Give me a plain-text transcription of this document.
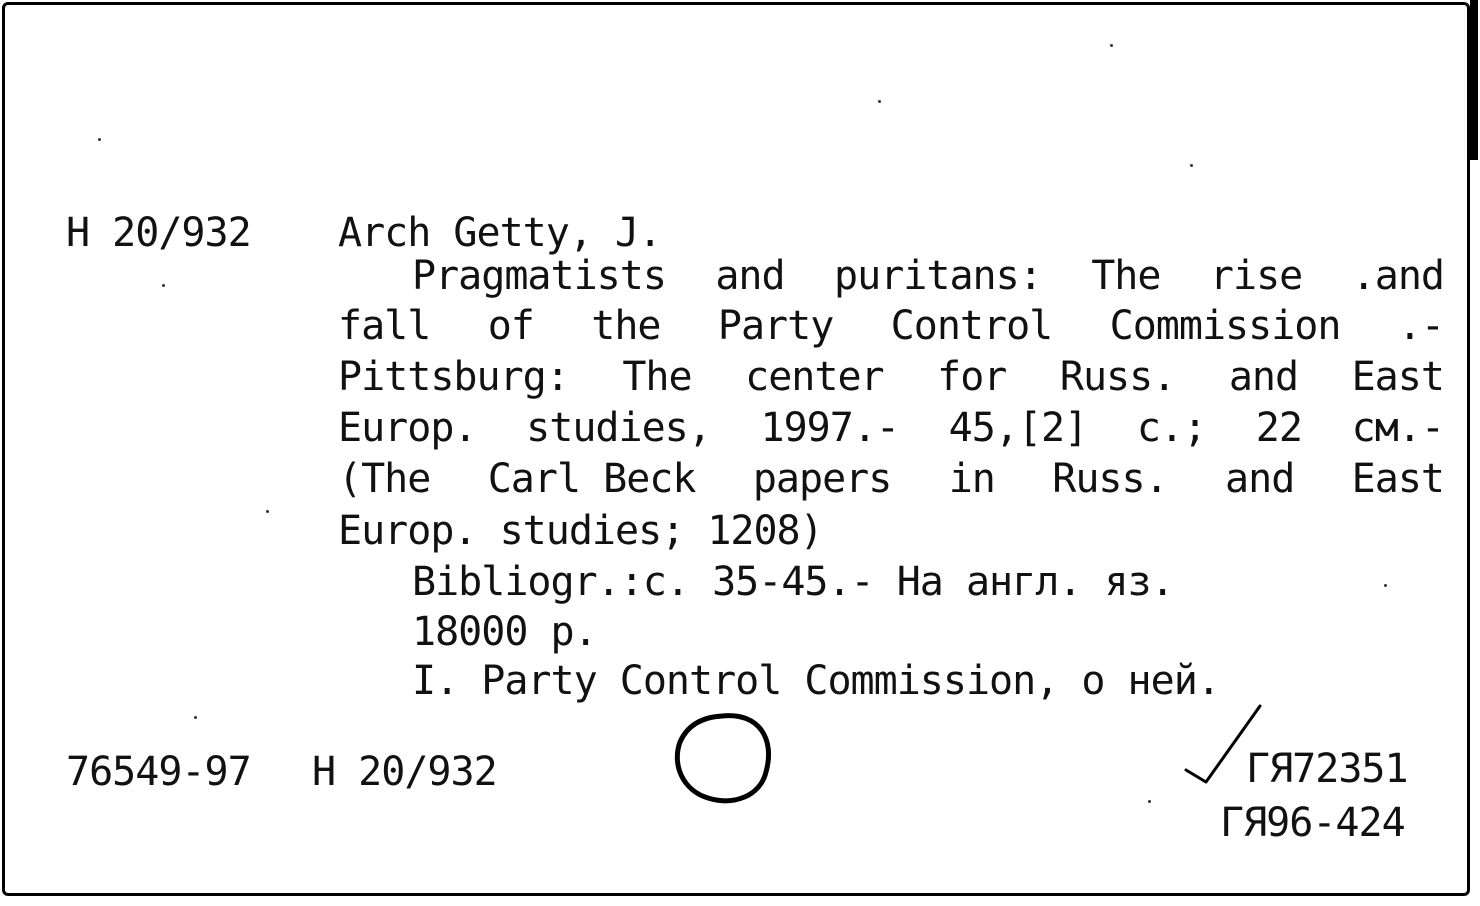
H 20/932 Arch Getty, J.

Pragmatists and puritans: The rise .and
fall of the Party Control Commission .-
Pittsburg: The center for Russ. and East
Europ. studies, 1997.- 45,[2] c.; 22 cм.-
(The Carl Beck papers in Russ. and East

Europ. studies; 1208)

Bibliogr.:c. 35-45.- На англ. яз.

18000 р.

I. Party Control Commission, о ней.

76549-97 H 20/932	ГЯ72351

ГЯ96-424
